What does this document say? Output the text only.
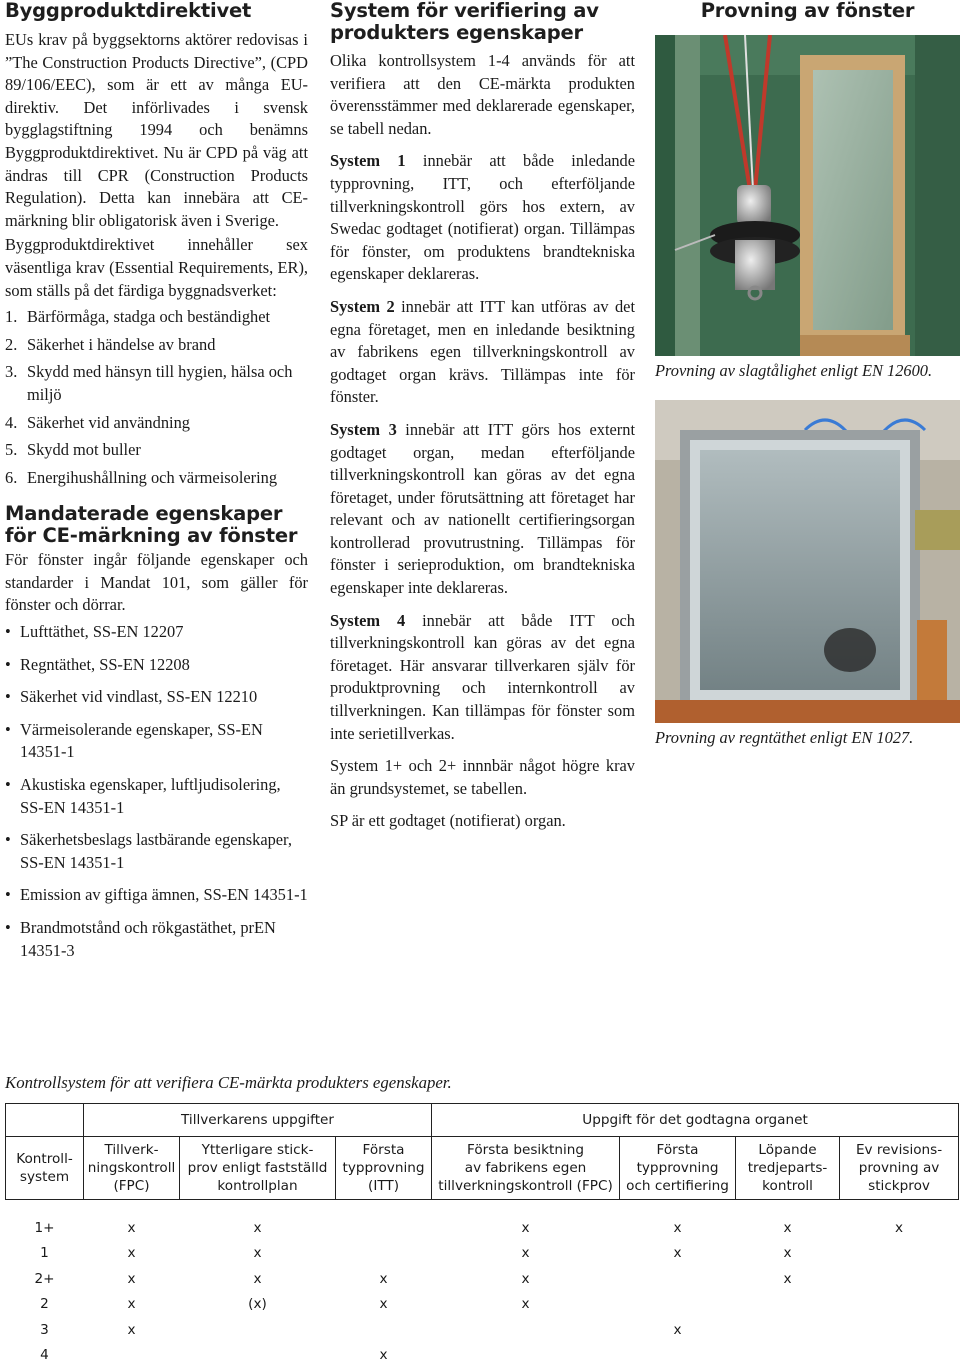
Byggproduktdirektivet

EUs krav på byggsektorns aktörer redovisas i ”The Construction Products Directive”, (CPD 89/106/EEC), som är ett av många EU-direktiv. Det införlivades i svensk bygglagstiftning 1994 och benämns Byggproduktdirektivet. Nu är CPD på väg att ändras till CPR (Construction Products Regulation). Detta kan innebära att CE-märkning blir obligatorisk även i Sverige.

Byggproduktdirektivet innehåller sex väsentliga krav (Essential Requirements, ER), som ställs på det färdiga byggnadsverket:

1. Bärförmåga, stadga och beständighet
2. Säkerhet i händelse av brand
3. Skydd med hänsyn till hygien, hälsa och miljö
4. Säkerhet vid användning
5. Skydd mot buller
6. Energihushållning och värmeisolering
Mandaterade egenskaper för CE-märkning av fönster

För fönster ingår följande egenskaper och standarder i Mandat 101, som gäller för fönster och dörrar.

• Lufttäthet, SS-EN 12207
• Regntäthet, SS-EN 12208
• Säkerhet vid vindlast, SS-EN 12210
• Värmeisolerande egenskaper, SS-EN 14351-1
• Akustiska egenskaper, luftljudisolering, SS-EN 14351-1
• Säkerhetsbeslags lastbärande egenskaper, SS-EN 14351-1
• Emission av giftiga ämnen, SS-EN 14351-1
• Brandmotstånd och rökgastäthet, prEN 14351-3
System för verifiering av produkters egenskaper

Olika kontrollsystem 1-4 används för att verifiera att den CE-märkta produkten överensstämmer med deklarerade egenskaper, se tabell nedan.

System 1 innebär att både inledande typprovning, ITT, och efterföljande tillverkningskontroll görs hos extern, av Swedac godtaget (notifierat) organ. Tillämpas för fönster, om produktens brandtekniska egenskaper deklareras.

System 2 innebär att ITT kan utföras av det egna företaget, men en inledande besiktning av fabrikens egen tillverkningskontroll av godtaget organ krävs. Tillämpas inte för fönster.

System 3 innebär att ITT görs hos externt godtaget organ, medan efterföljande tillverkningskontroll kan göras av det egna företaget, under förutsättning att företaget har relevant och av nationellt certifieringsorgan kontrollerad provutrustning. Tillämpas för fönster i serieproduktion, om brandtekniska egenskaper inte deklareras.

System 4 innebär att både ITT och tillverkningskontroll kan göras av det egna företaget. Här ansvarar tillverkaren själv för produktprovning och internkontroll av tillverkningen. Kan tillämpas för fönster som inte serietillverkas.

System 1+ och 2+ innnbär något högre krav än grundsystemet, se tabellen.

SP är ett godtaget (notifierat) organ.

Provning av fönster

Provning av slagtålighet enligt EN 12600.

Provning av regntäthet enligt EN 1027.

Kontrollsystem för att verifiera CE-märkta produkters egenskaper.
	Tillverkarens uppgifter			Uppgift för det godtagna organet			
Kontroll-
system	Tillverk-
ningskontroll
(FPC)	Ytterligare stick-
prov enligt fastställd
kontrollplan	Första
typprovning
(ITT)	Första besiktning
av fabrikens egen
tillverkningskontroll (FPC)	Första
typprovning
och certifiering	Löpande
tredjeparts-
kontroll	Ev revisions-
provning av
stickprov

1+	x	x		x	x	x	x
1	x	x		x	x	x	
2+	x	x	x	x		x	
2	x	(x)	x	x			
3	x				x		
4			x				
